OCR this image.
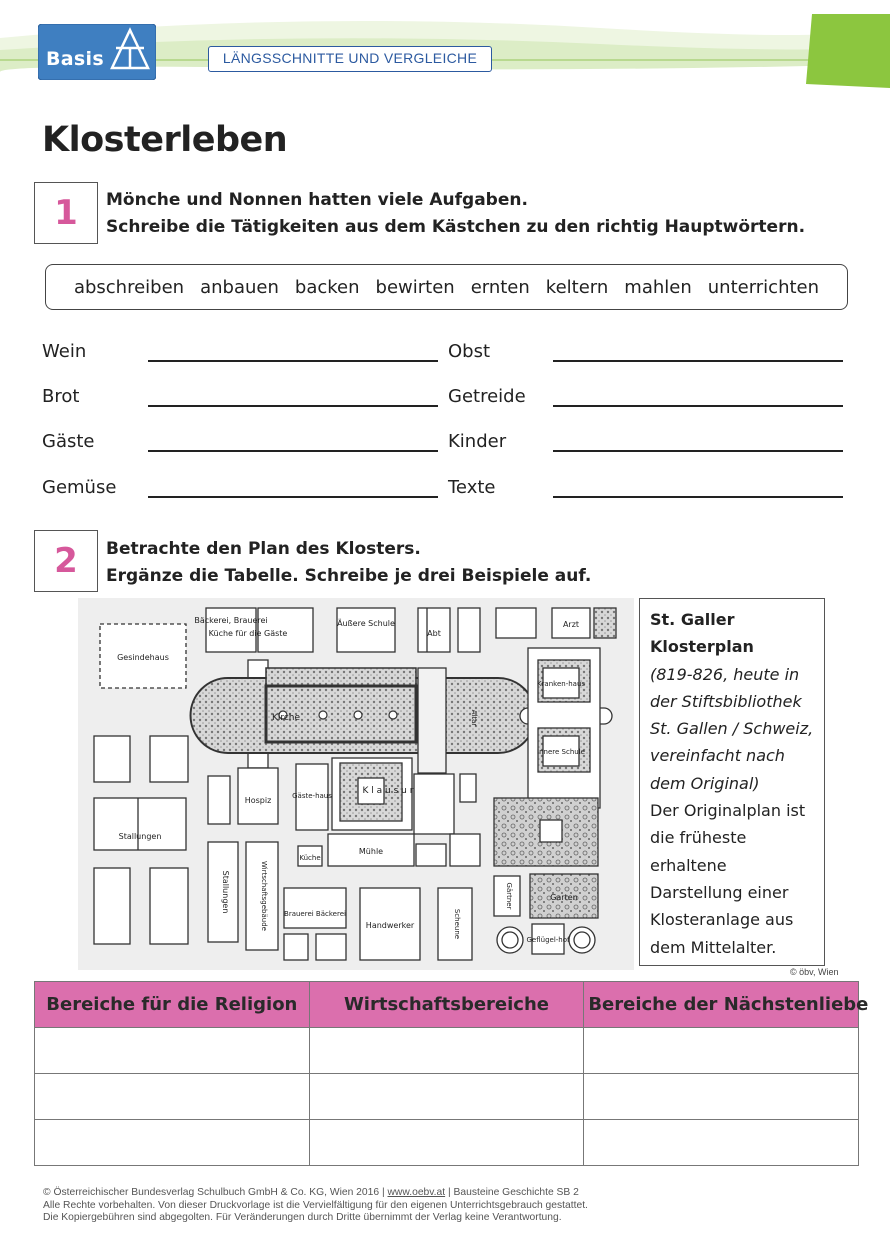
Basis	LÄNGSSCHNITTE UND VERGLEICHE
Klosterleben
1	Mönche und Nonnen hatten viele Aufgaben.
Schreibe die Tätigkeiten aus dem Kästchen zu den richtig Hauptwörtern.
abschreiben anbauen backen bewirten ernten keltern mahlen unterrichten
Wein	Obst
Brot	Getreide
Gäste	Kinder
Gemüse	Texte
2	Betrachte den Plan des Klosters.
Ergänze die Tabelle. Schreibe je drei Beispiele auf.
Bäckerei, Brauerei
Küche für die Gäste
Äußere Schule
Abt
Arzt
Gesindehaus
Kirche	Altar
Kranken-haus
Innere Schule
Hospiz	Gäste-haus	K l a u s u r
Stallungen
Stallungen	Wirtschaftsgebäude
Küche
Mühle
Brauerei Bäckerei
Handwerker	Scheune
Gärtner	Garten
Geflügel-hof
St. Galler
Klosterplan
(819-826, heute in
der Stiftsbibliothek
St. Gallen / Schweiz,
vereinfacht nach
dem Original)
Der Originalplan ist
die früheste
erhaltene
Darstellung einer
Klosteranlage aus
dem Mittelalter.
© öbv, Wien
Bereiche für die Religion	Wirtschaftsbereiche	Bereiche der Nächstenliebe

© Österreichischer Bundesverlag Schulbuch GmbH & Co. KG, Wien 2016 | www.oebv.at | Bausteine Geschichte SB 2
Alle Rechte vorbehalten. Von dieser Druckvorlage ist die Vervielfältigung für den eigenen Unterrichtsgebrauch gestattet.
Die Kopiergebühren sind abgegolten. Für Veränderungen durch Dritte übernimmt der Verlag keine Verantwortung.
